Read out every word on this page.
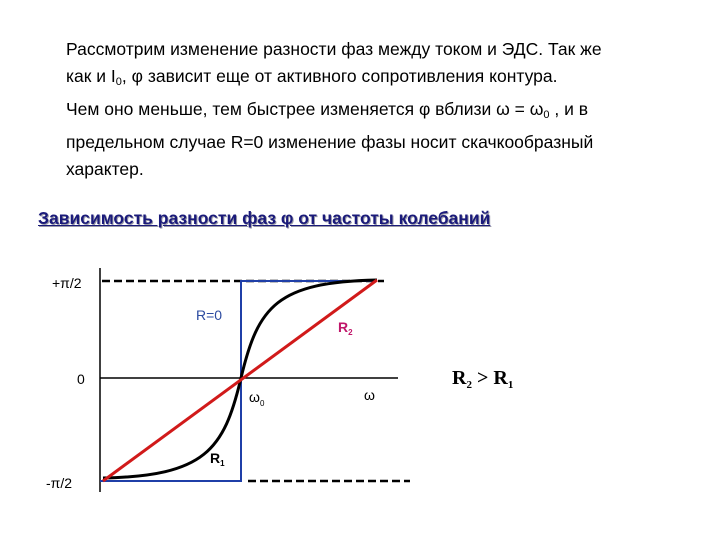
Рассмотрим изменение разности фаз между током и ЭДС. Так же
как и $I_0$, φ зависит еще от активного сопротивления контура.
Чем оно меньше, тем быстрее изменяется φ вблизи $\omega = \omega_0$ , и в
предельном случае R=0 изменение фазы носит скачкообразный
характер.
Зависимость разности фаз φ от частоты колебаний
+π/2
0
-π/2
$\omega_0$
ω
R=0
$R_2$
$R_1$
$R_2 > R_1$
